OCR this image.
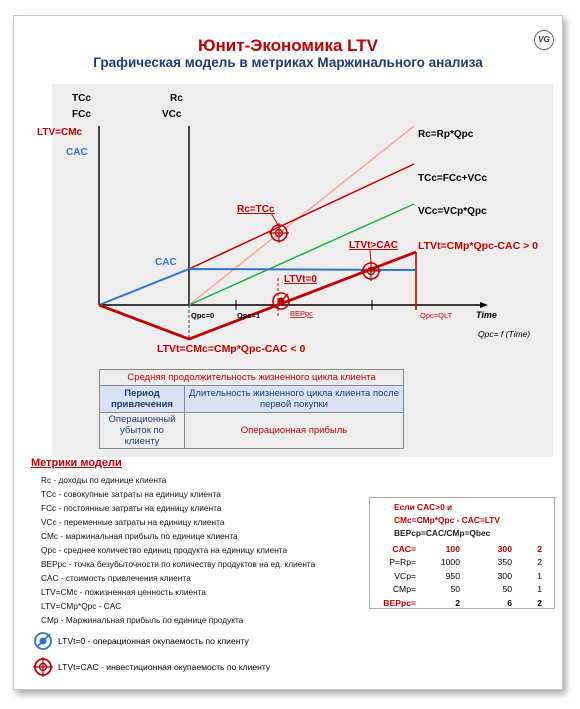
Юнит-Экономика LTV
Графическая модель в метриках Маржинального анализа
VG
TCc
FCc
LTV=CMc
CAC
Rc
VCc
Rc=Rp*Qpc
TCc=FCc+VCc
VCc=VCp*Qpc
LTVt=CMp*Qpc-CAC > 0
CAC
Rc=TCc
LTVt>CAC
LTVt=0
BEPpc
LTVt=CMc=CMp*Qpc-CAC < 0
Qpc=0	Qpc=1	Qpc=QLT	Time
Qpc= f (Time)
Средняя продолжительность жизненного цикла клиента	
Период привлечения	Длительность жизненного цикла клиента после первой покупки
Операционный убыток по клиенту	Операционная прибыль
Метрики модели
Rc - доходы по единице клиента
TCc - совокупные затраты на единицу клиента
FCc - постоянные затраты на единицу клиента
VCc - переменные затраты на единицу клиента
CMc - маржинальная прибыль по единице клиента
Qpc - среднее количество единиц продукта на единицу клиента
BEPpc - точка безубыточности по количеству продуктов на ед. клиента
CAC - стоимость привлечения клиента
LTV=CMc - пожизненная ценность клиента
LTV=CMp*Qpc - CAC
CMp - Маржинальная прибыль по единице продукта
LTVt=0 - операционная окупаемость по клиенту
LTVt=CAC - инвестиционная окупаемость по клиенту
Если CAC>0 и
CMc=CMp*Qpc - CAC=LTV
BEPcp=CAC/CMp=Qbec
CAC=	100	300	2
P=Rp=	1000	350	2
VCp=	950	300	1
CMp=	50	50	1
BEPpc=	2	6	2
